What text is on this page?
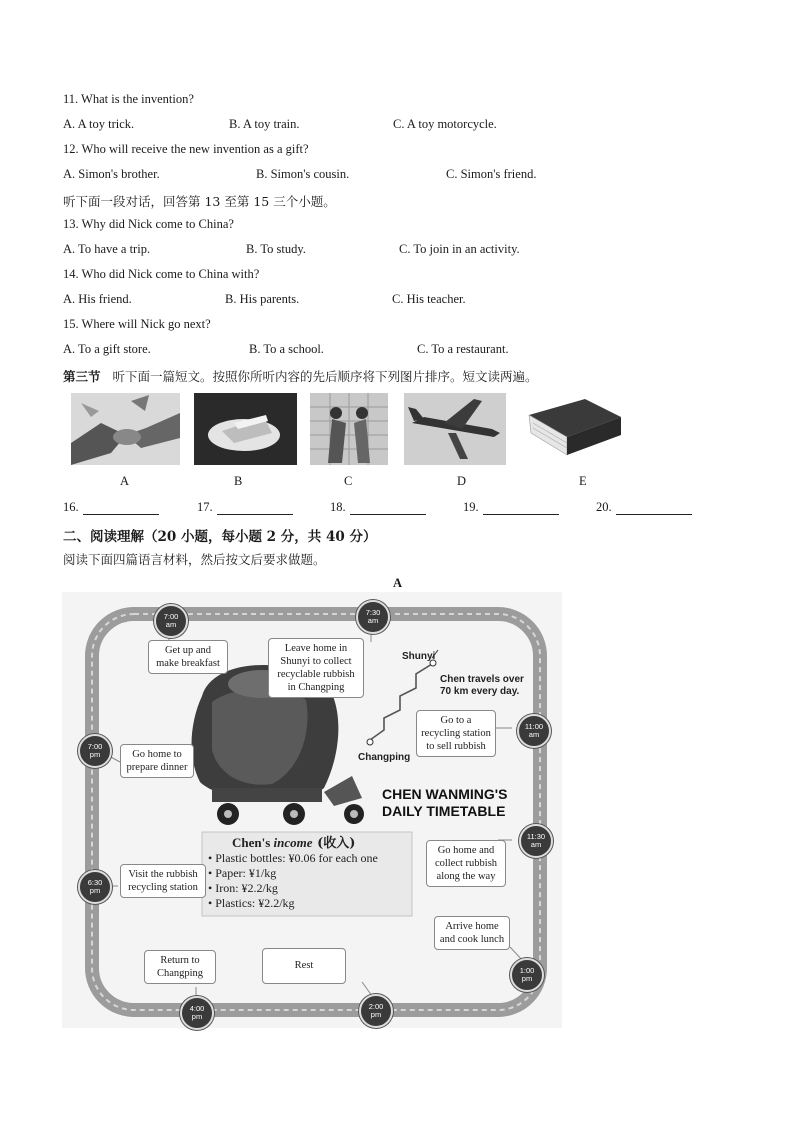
11. What is the invention?
A. A toy trick.	B. A toy train.	C. A toy motorcycle.
12. Who will receive the new invention as a gift?
A. Simon's brother.	B. Simon's cousin.	C. Simon's friend.
听下面一段对话，回答第 13 至第 15 三个小题。
13. Why did Nick come to China?
A. To have a trip.	B. To study.	C. To join in an activity.
14. Who did Nick come to China with?
A. His friend.	B. His parents.	C. His teacher.
15. Where will Nick go next?
A. To a gift store.	B. To a school.	C. To a restaurant.
第三节 听下面一篇短文。按照你所听内容的先后顺序将下列图片排序。短文读两遍。
A	B	C	D	E
16.	17.	18.	19.	20.
二、阅读理解（20 小题，每小题 2 分，共 40 分）
阅读下面四篇语言材料，然后按文后要求做题。
A
7:00
am
7:30
am
11:00
am
11:30
am
1:00
pm
2:00
pm
4:00
pm
6:30
pm
7:00
pm
Get up and make breakfast
Leave home in Shunyi to collect recyclable rubbish in Changping
Go to a recycling station to sell rubbish
Go home and collect rubbish along the way
Arrive home and cook lunch
Rest
Return to Changping
Visit the rubbish recycling station
Go home to prepare dinner
Shunyi
Changping
Chen travels over 70 km every day.
CHEN WANMING'S
DAILY TIMETABLE
Chen's income (收入)
• Plastic bottles: ¥0.06 for each one
• Paper: ¥1/kg
• Iron: ¥2.2/kg
• Plastics: ¥2.2/kg
